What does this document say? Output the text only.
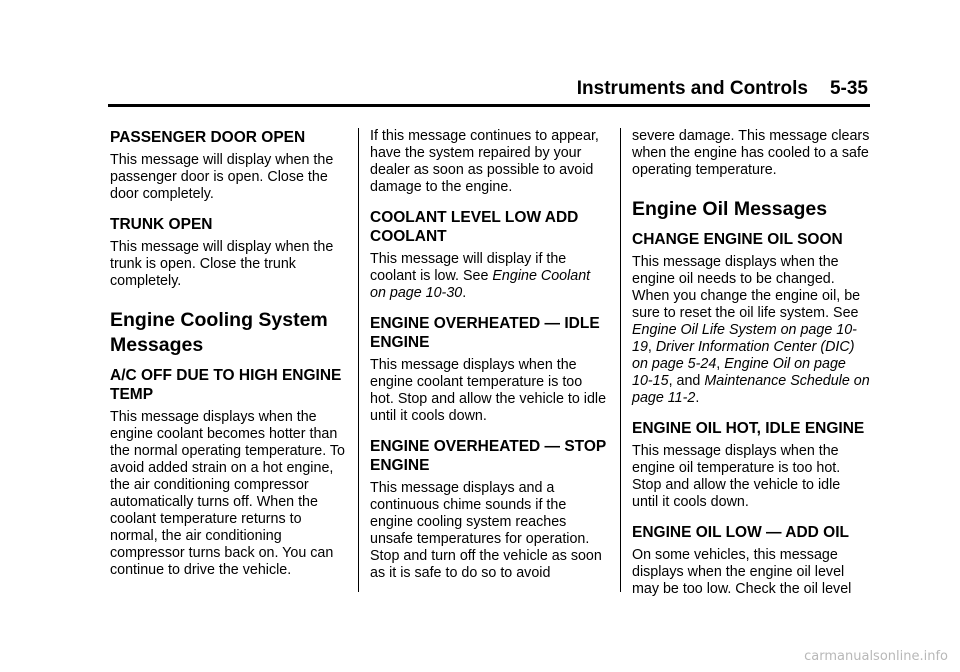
Instruments and Controls 5-35
PASSENGER DOOR OPEN
This message will display when the passenger door is open. Close the door completely.
TRUNK OPEN
This message will display when the trunk is open. Close the trunk completely.
Engine Cooling System Messages
A/C OFF DUE TO HIGH ENGINE TEMP
This message displays when the engine coolant becomes hotter than the normal operating temperature. To avoid added strain on a hot engine, the air conditioning compressor automatically turns off. When the coolant temperature returns to normal, the air conditioning compressor turns back on. You can continue to drive the vehicle.
If this message continues to appear, have the system repaired by your dealer as soon as possible to avoid damage to the engine.
COOLANT LEVEL LOW ADD COOLANT
This message will display if the coolant is low. See Engine Coolant on page 10-30.
ENGINE OVERHEATED — IDLE ENGINE
This message displays when the engine coolant temperature is too hot. Stop and allow the vehicle to idle until it cools down.
ENGINE OVERHEATED — STOP ENGINE
This message displays and a continuous chime sounds if the engine cooling system reaches unsafe temperatures for operation. Stop and turn off the vehicle as soon as it is safe to do so to avoid
severe damage. This message clears when the engine has cooled to a safe operating temperature.
Engine Oil Messages
CHANGE ENGINE OIL SOON
This message displays when the engine oil needs to be changed. When you change the engine oil, be sure to reset the oil life system. See Engine Oil Life System on page 10-19, Driver Information Center (DIC) on page 5-24, Engine Oil on page 10-15, and Maintenance Schedule on page 11-2.
ENGINE OIL HOT, IDLE ENGINE
This message displays when the engine oil temperature is too hot. Stop and allow the vehicle to idle until it cools down.
ENGINE OIL LOW — ADD OIL
On some vehicles, this message displays when the engine oil level may be too low. Check the oil level
carmanualsonline.info
